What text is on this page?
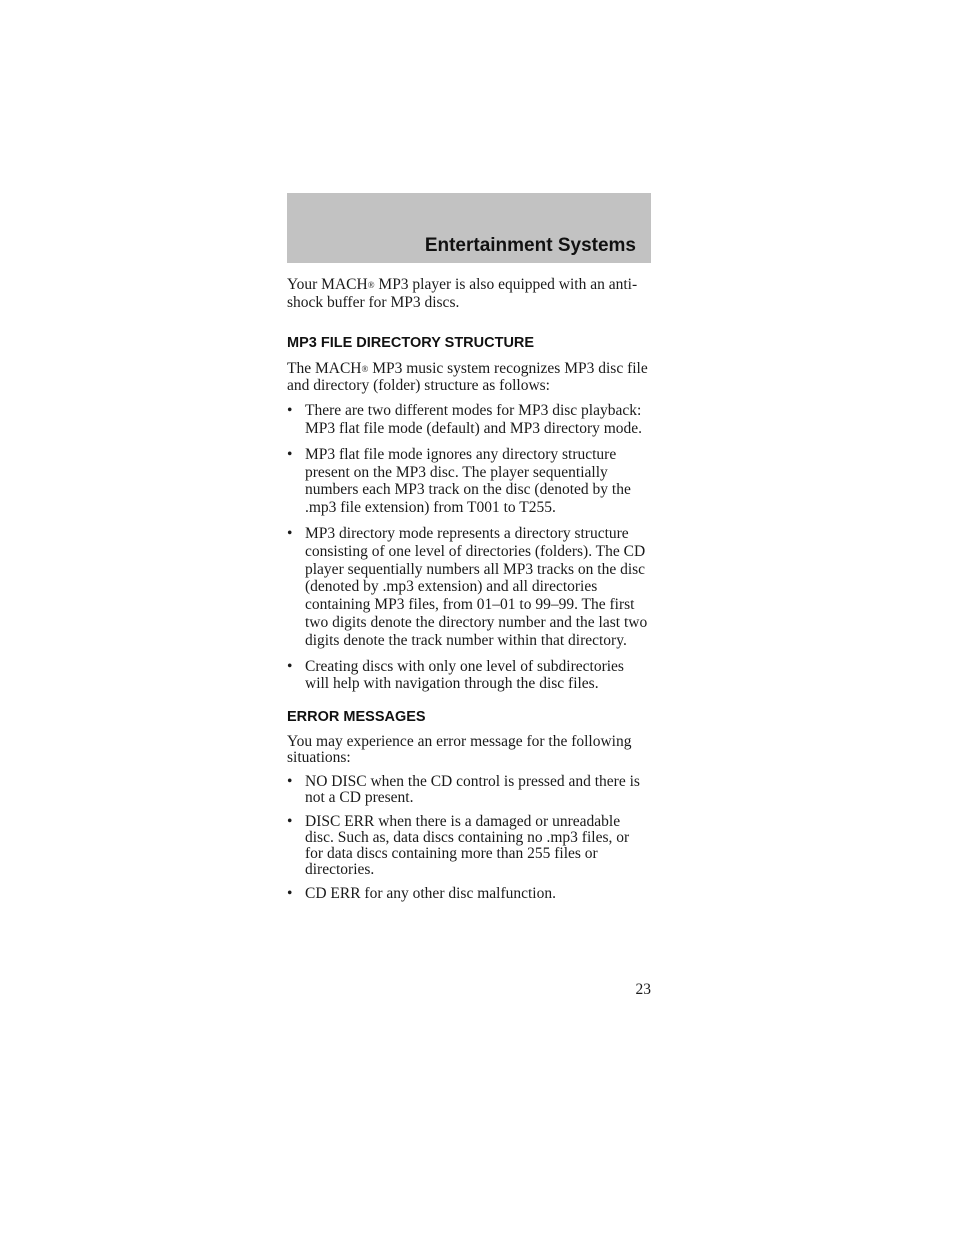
Entertainment Systems

Your MACH® MP3 player is also equipped with an anti-shock buffer for MP3 discs.

MP3 FILE DIRECTORY STRUCTURE

The MACH® MP3 music system recognizes MP3 disc file and directory (folder) structure as follows:

• There are two different modes for MP3 disc playback: MP3 flat file mode (default) and MP3 directory mode.
• MP3 flat file mode ignores any directory structure present on the MP3 disc. The player sequentially numbers each MP3 track on the disc (denoted by the .mp3 file extension) from T001 to T255.
• MP3 directory mode represents a directory structure consisting of one level of directories (folders). The CD player sequentially numbers all MP3 tracks on the disc (denoted by .mp3 extension) and all directories containing MP3 files, from 01–01 to 99–99. The first two digits denote the directory number and the last two digits denote the track number within that directory.
• Creating discs with only one level of subdirectories will help with navigation through the disc files.
ERROR MESSAGES

You may experience an error message for the following situations:

• NO DISC when the CD control is pressed and there is not a CD present.
• DISC ERR when there is a damaged or unreadable disc. Such as, data discs containing no .mp3 files, or for data discs containing more than 255 files or directories.
• CD ERR for any other disc malfunction.
23
